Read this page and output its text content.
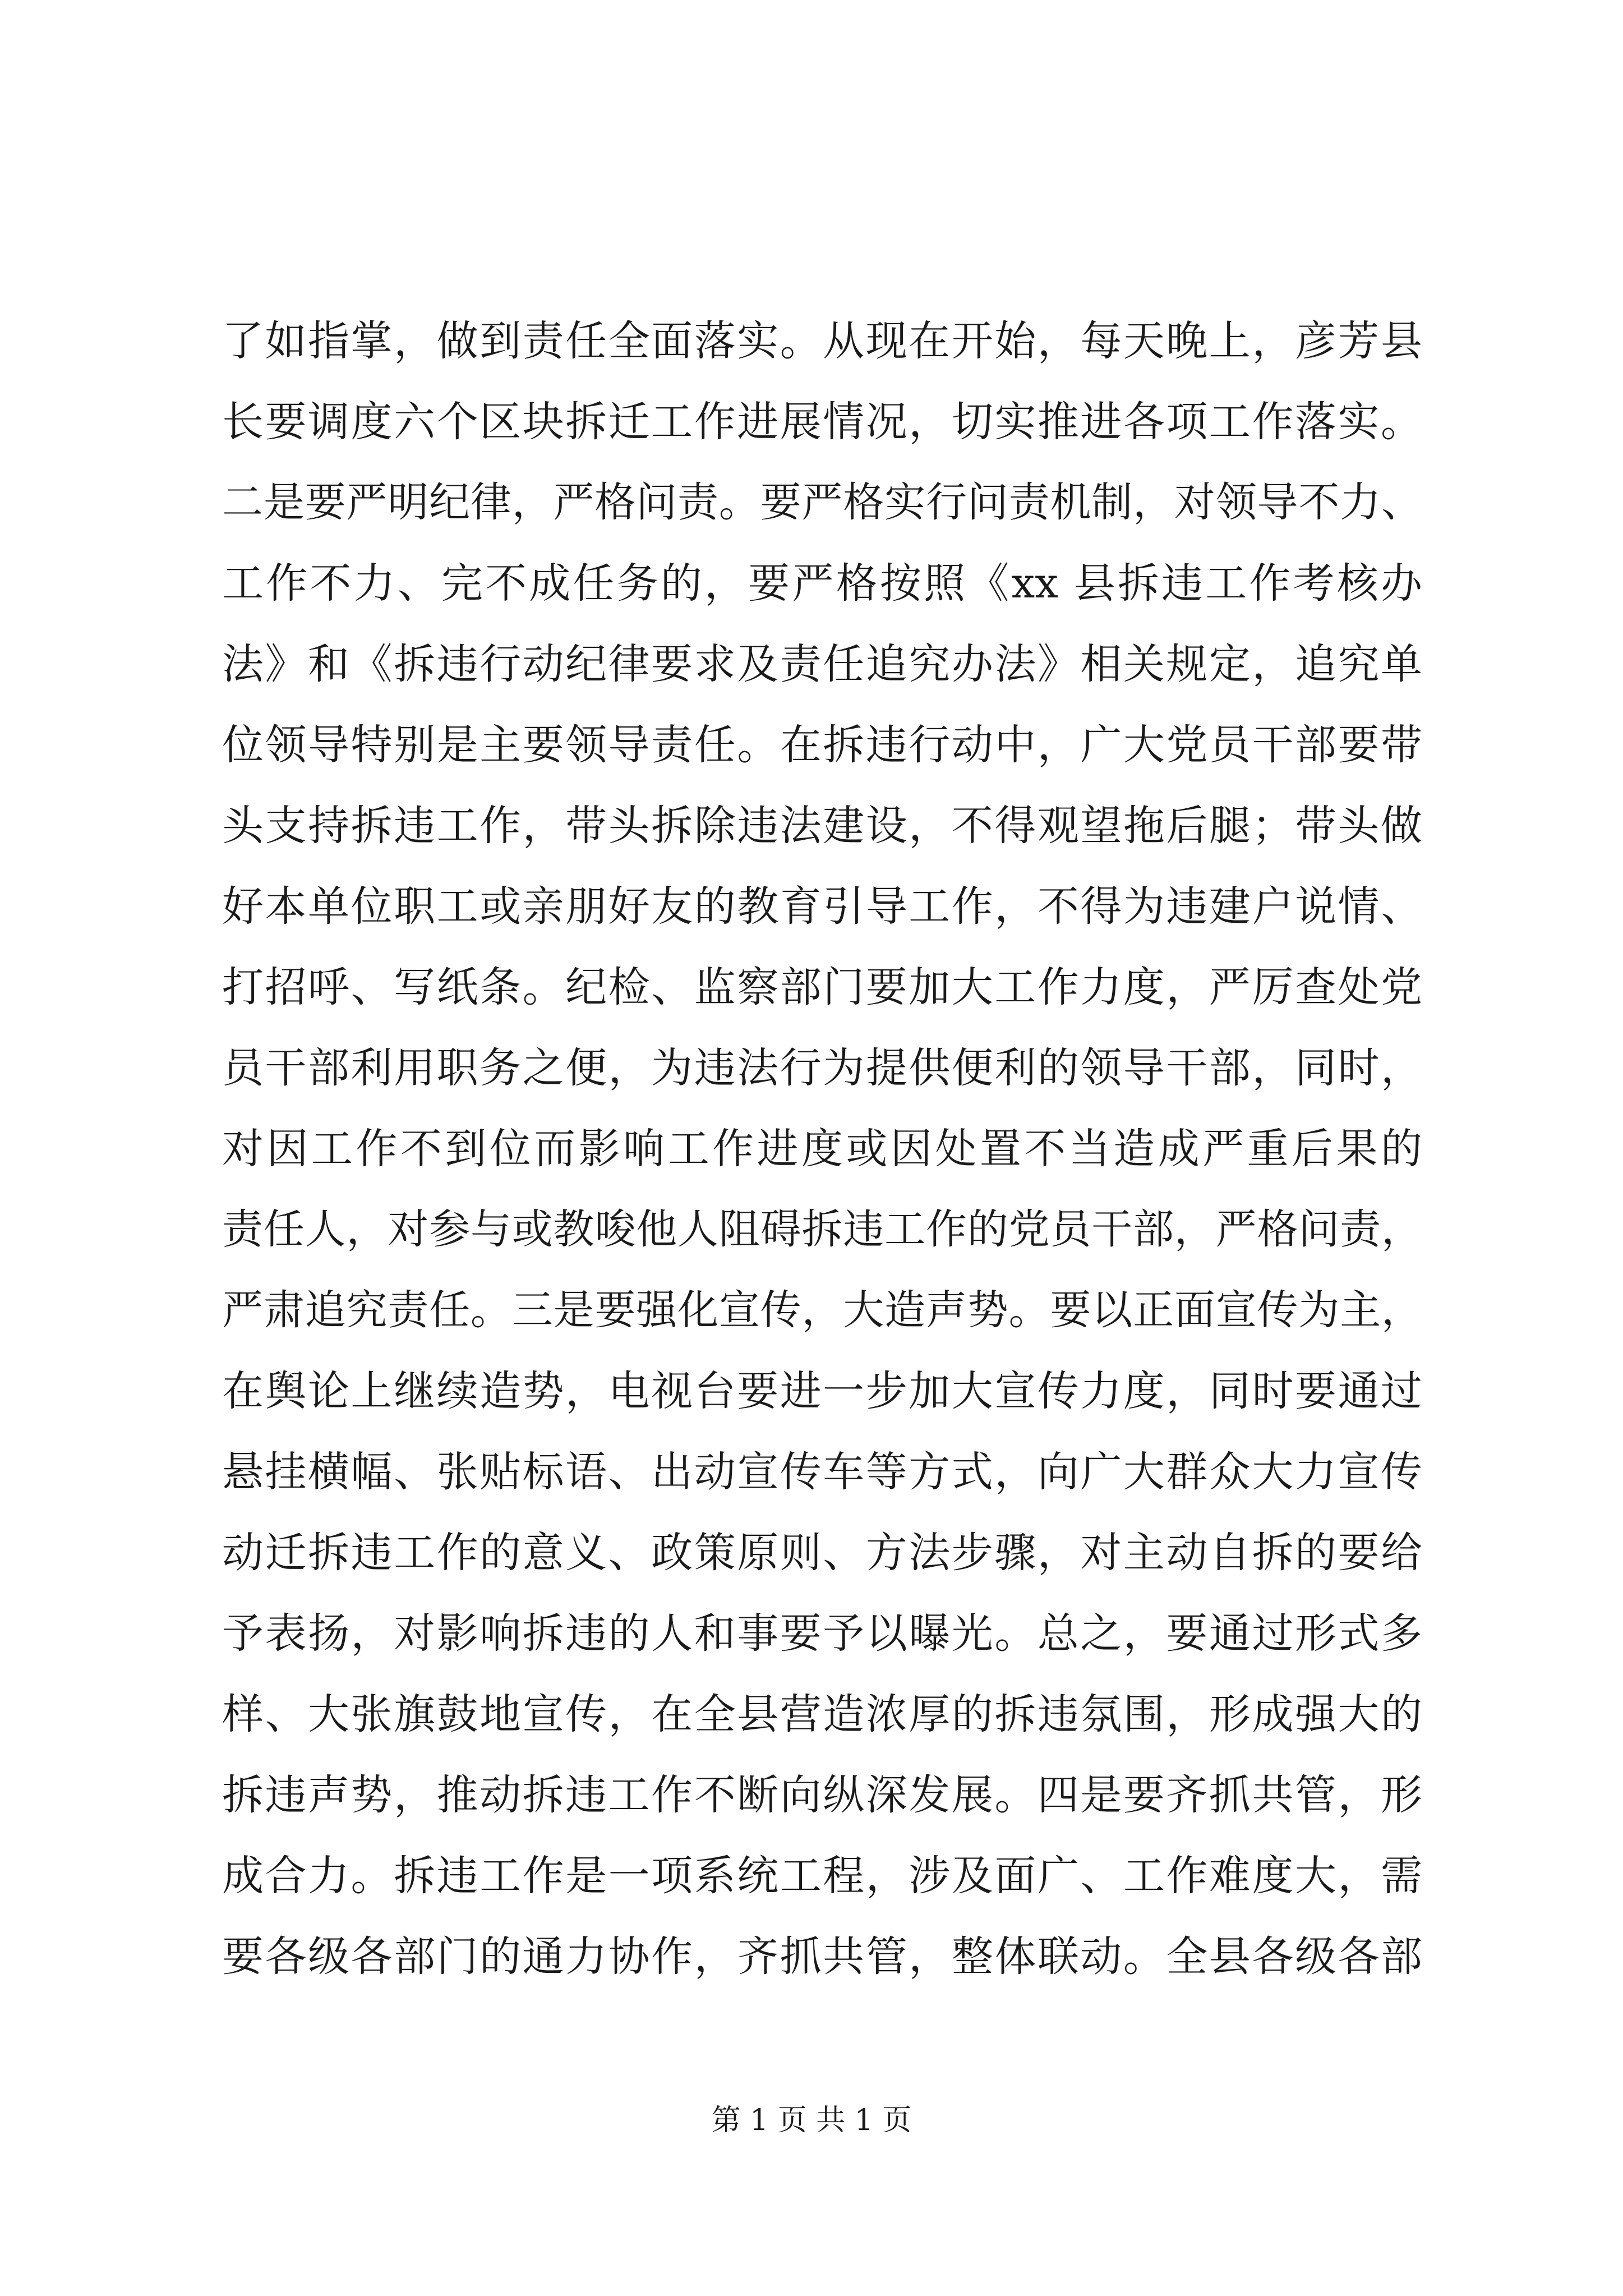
了如指掌，做到责任全面落实。从现在开始，每天晚上，彦芳县
长要调度六个区块拆迁工作进展情况，切实推进各项工作落实。
二是要严明纪律，严格问责。要严格实行问责机制，对领导不力、
工作不力、完不成任务的，要严格按照《xx 县拆违工作考核办
法》和《拆违行动纪律要求及责任追究办法》相关规定，追究单
位领导特别是主要领导责任。在拆违行动中，广大党员干部要带
头支持拆违工作，带头拆除违法建设，不得观望拖后腿；带头做
好本单位职工或亲朋好友的教育引导工作，不得为违建户说情、
打招呼、写纸条。纪检、监察部门要加大工作力度，严厉查处党
员干部利用职务之便，为违法行为提供便利的领导干部，同时，
对因工作不到位而影响工作进度或因处置不当造成严重后果的
责任人，对参与或教唆他人阻碍拆违工作的党员干部，严格问责，
严肃追究责任。三是要强化宣传，大造声势。要以正面宣传为主，
在舆论上继续造势，电视台要进一步加大宣传力度，同时要通过
悬挂横幅、张贴标语、出动宣传车等方式，向广大群众大力宣传
动迁拆违工作的意义、政策原则、方法步骤，对主动自拆的要给
予表扬，对影响拆违的人和事要予以曝光。总之，要通过形式多
样、大张旗鼓地宣传，在全县营造浓厚的拆违氛围，形成强大的
拆违声势，推动拆违工作不断向纵深发展。四是要齐抓共管，形
成合力。拆违工作是一项系统工程，涉及面广、工作难度大，需
要各级各部门的通力协作，齐抓共管，整体联动。全县各级各部
第 1 页 共 1 页
